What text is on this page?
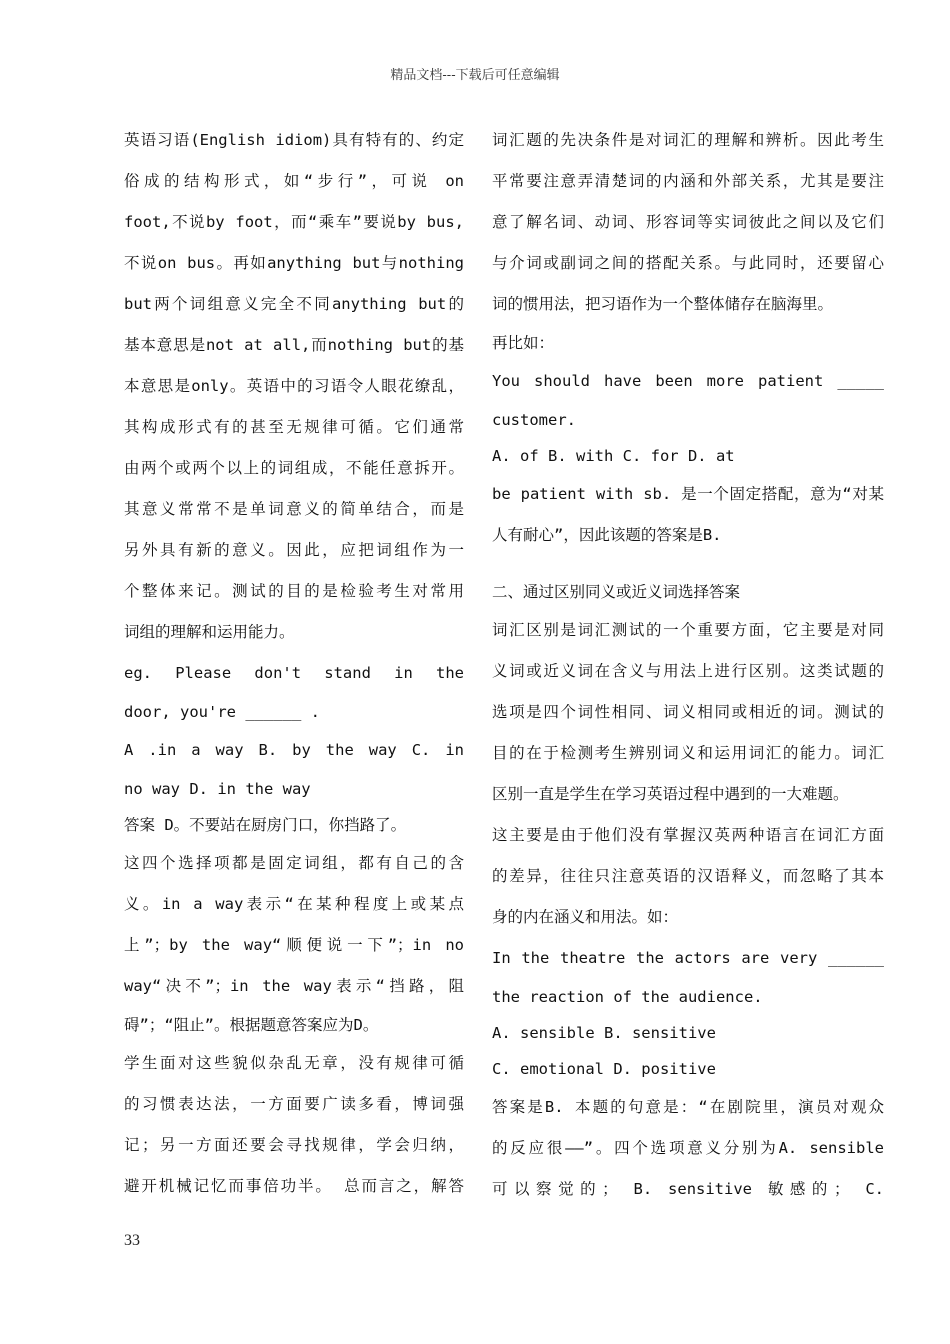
精品文档---下载后可任意编辑
英语习语(English idiom)具有特有的、约定
俗成的结构形式，如“步行”，可说 on
foot,不说by foot，而“乘车”要说by bus,
不说on bus。再如anything but与nothing
but两个词组意义完全不同anything but的
基本意思是not at all,而nothing but的基
本意思是only。英语中的习语令人眼花缭乱，
其构成形式有的甚至无规律可循。它们通常
由两个或两个以上的词组成，不能任意拆开。
其意义常常不是单词意义的简单结合，而是
另外具有新的意义。因此，应把词组作为一
个整体来记。测试的目的是检验考生对常用
词组的理解和运用能力。
eg. Please don't stand in the
door, you're ______ .
A .in a way B. by the way C. in
no way D. in the way
答案 D。不要站在厨房门口，你挡路了。
这四个选择项都是固定词组，都有自己的含
义。in a way表示“在某种程度上或某点
上”；by the way“顺便说一下”；in no
way“决不”；in the way表示“挡路，阻
碍”；“阻止”。根据题意答案应为D。
学生面对这些貌似杂乱无章，没有规律可循
的习惯表达法，一方面要广读多看，博词强
记；另一方面还要会寻找规律，学会归纳，
避开机械记忆而事倍功半。 总而言之，解答
词汇题的先决条件是对词汇的理解和辨析。因此考生
平常要注意弄清楚词的内涵和外部关系，尤其是要注
意了解名词、动词、形容词等实词彼此之间以及它们
与介词或副词之间的搭配关系。与此同时，还要留心
词的惯用法，把习语作为一个整体储存在脑海里。
再比如：
You should have been more patient _____
customer.
A. of B. with C. for D. at
be patient with sb. 是一个固定搭配，意为“对某
人有耐心”，因此该题的答案是B.
二、通过区别同义或近义词选择答案
词汇区别是词汇测试的一个重要方面，它主要是对同
义词或近义词在含义与用法上进行区别。这类试题的
选项是四个词性相同、词义相同或相近的词。测试的
目的在于检测考生辨别词义和运用词汇的能力。词汇
区别一直是学生在学习英语过程中遇到的一大难题。
这主要是由于他们没有掌握汉英两种语言在词汇方面
的差异，往往只注意英语的汉语释义，而忽略了其本
身的内在涵义和用法。如：
In the theatre the actors are very ______
the reaction of the audience.
A. sensible B. sensitive
C. emotional D. positive
答案是B. 本题的句意是：“在剧院里，演员对观众
的反应很——”。四个选项意义分别为A. sensible
可以察觉的； B. sensitive 敏感的； C.
33
